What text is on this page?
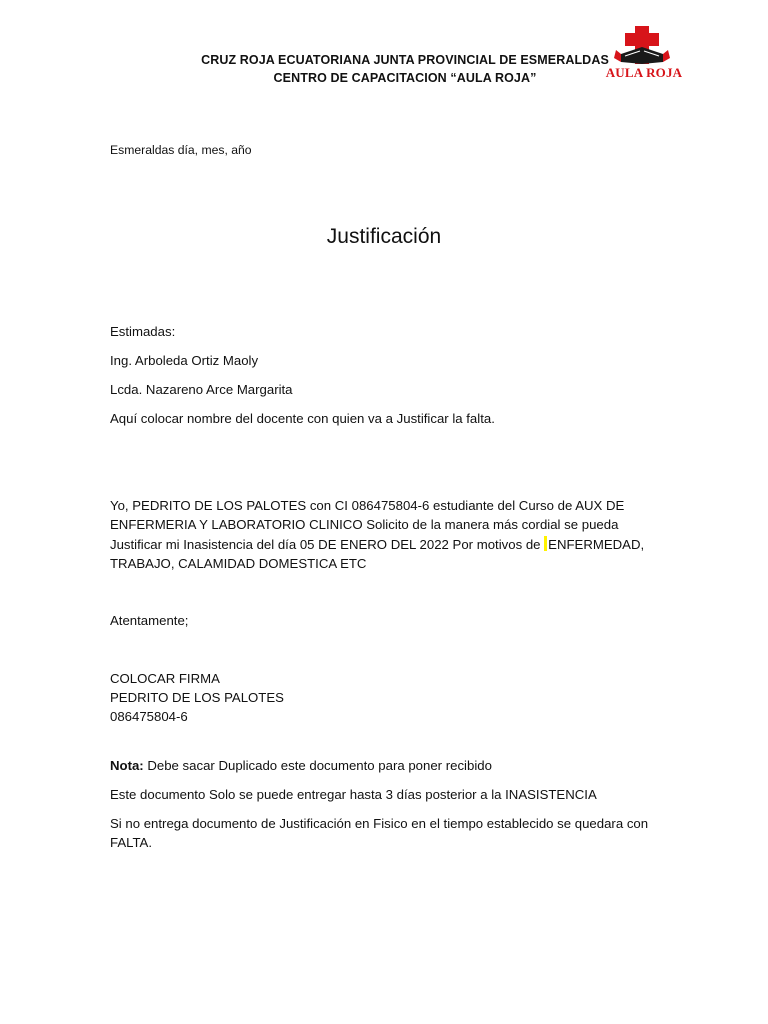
CRUZ ROJA ECUATORIANA JUNTA PROVINCIAL DE ESMERALDAS
CENTRO DE CAPACITACION “AULA ROJA”	AULA ROJA
Esmeraldas día, mes, año
Justificación
Estimadas:
Ing. Arboleda Ortiz Maoly
Lcda. Nazareno Arce Margarita
Aquí colocar nombre del docente con quien va a Justificar la falta.
Yo, PEDRITO DE LOS PALOTES con CI 086475804-6 estudiante del Curso de AUX DE ENFERMERIA Y LABORATORIO CLINICO Solicito de la manera más cordial se pueda Justificar mi Inasistencia del día 05 DE ENERO DEL 2022 Por motivos de ENFERMEDAD, TRABAJO, CALAMIDAD DOMESTICA ETC
Atentamente;
COLOCAR FIRMA
PEDRITO DE LOS PALOTES
086475804-6
Nota: Debe sacar Duplicado este documento para poner recibido
Este documento Solo se puede entregar hasta 3 días posterior a la INASISTENCIA
Si no entrega documento de Justificación en Fisico en el tiempo establecido se quedara con FALTA.
